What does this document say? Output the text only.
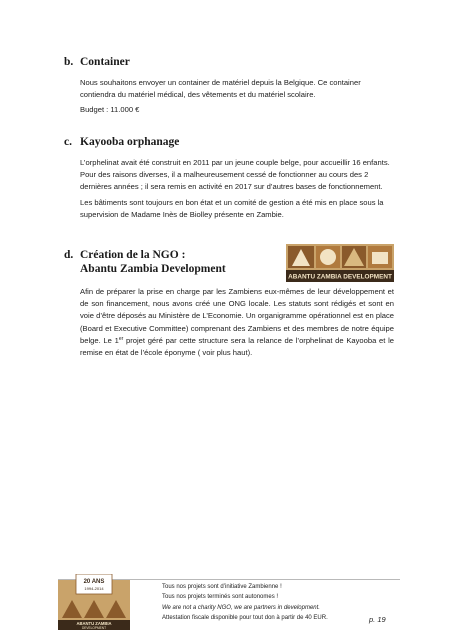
b. Container

Nous souhaitons envoyer un container de matériel depuis la Belgique. Ce container contiendra du matériel médical, des vêtements et du matériel scolaire.

Budget : 11.000 €

c. Kayooba orphanage

L’orphelinat avait été construit en 2011 par un jeune couple belge, pour accueillir 16 enfants. Pour des raisons diverses, il a malheureusement cessé de fonctionner au cours des 2 dernières années ; il sera remis en activité en 2017 sur d’autres bases de fonctionnement.

Les bâtiments sont toujours en bon état et un comité de gestion a été mis en place sous la supervision de Madame Inès de Biolley présente en Zambie.

d. Création de la NGO :
Abantu Zambia Development

Afin de préparer la prise en charge par les Zambiens eux-mêmes de leur développement et de son financement, nous avons créé une ONG locale. Les statuts sont rédigés et sont en voie d’être déposés au Ministère de L’Economie. Un organigramme opérationnel est en place (Board et Executive Committee) comprenant des Zambiens et des membres de notre équipe belge. Le 1er projet géré par cette structure sera la relance de l’orphelinat de Kayooba et le remise en état de l’école éponyme ( voir plus haut).

ABANTU ZAMBIA DEVELOPMENT
20 ANS
1994-2014
ABANTU ZAMBIA
DEVELOPMENT
Tous nos projets sont d’initiative Zambienne !
Tous nos projets terminés sont autonomes !
We are not a charity NGO, we are partners in development.
Attestation fiscale disponible pour tout don à partir de 40 EUR.	p. 19
